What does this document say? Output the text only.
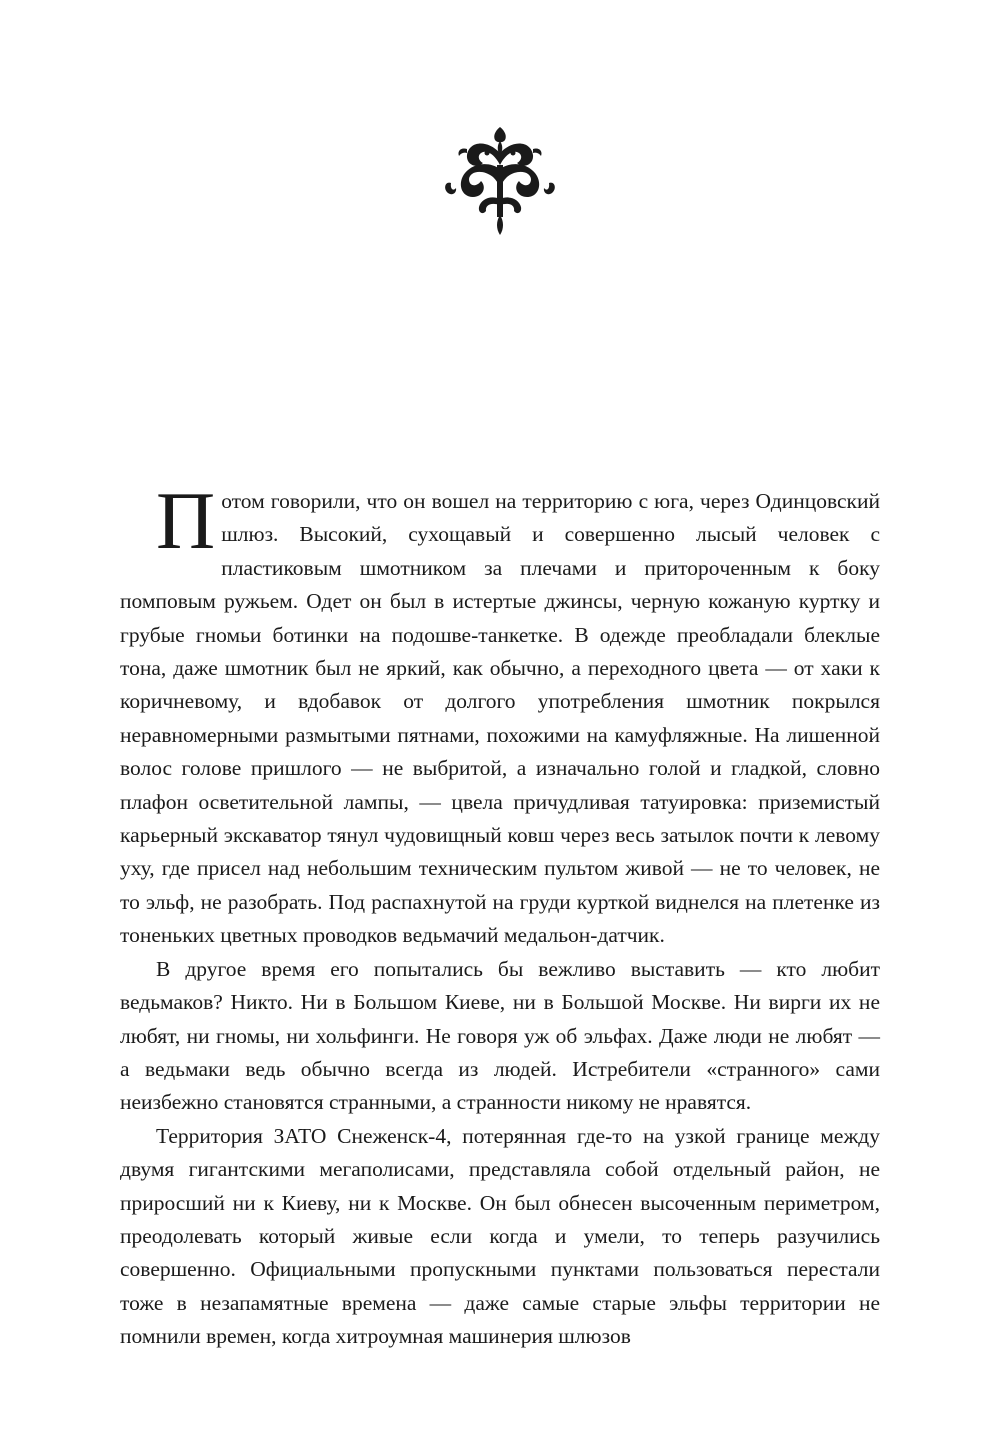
Потом говорили, что он вошел на территорию с юга, через Одинцовский шлюз. Высокий, сухощавый и совершенно лысый человек с пластиковым шмотником за плечами и приторoченным к боку помповым ружьем. Одет он был в истертые джинсы, черную кожаную куртку и грубые гномьи ботинки на подошве-танкеткe. В одежде преобладали блеклые тона, даже шмотник был не яркий, как обычно, а переходного цвета — от хаки к коричневому, и вдобавок от долгого употребления шмотник покрылся неравномерными размытыми пятнами, похожими на камуфляжные. На лишенной волос голове пришлого — не выбритой, а изначально голой и гладкой, словно плафон осветительной лампы, — цвела причудливая татуировка: приземистый карьерный экскаватор тянул чудовищный ковш через весь затылок почти к левому уху, где присел над небольшим техническим пультом живой — не то человек, не то эльф, не разобрать. Под распахнутой на груди курткой виднелся на плетенке из тоненьких цветных проводков ведьмачий медальон-датчик.

В другое время его попытались бы вежливо выставить — кто любит ведьмаков? Никто. Ни в Большом Киеве, ни в Большой Москве. Ни вирги их не любят, ни гномы, ни хольфинги. Не говоря уж об эльфах. Даже люди не любят — а ведьмаки ведь обычно всегда из людей. Истребители «странного» сами неизбежно становятся странными, а странности никому не нравятся.

Территория ЗАТО Снеженск-4, потерянная где-то на узкой границе между двумя гигантскими мегаполисами, представляла собой отдельный район, не приросший ни к Киеву, ни к Москве. Он был обнесен высоченным периметром, преодолевать который живые если когда и умели, то теперь разучились совершенно. Официальными пропускными пунктами пользоваться перестали тоже в незапамятные времена — даже самые старые эльфы территории не помнили времен, когда хитроумная машинерия шлюзов
